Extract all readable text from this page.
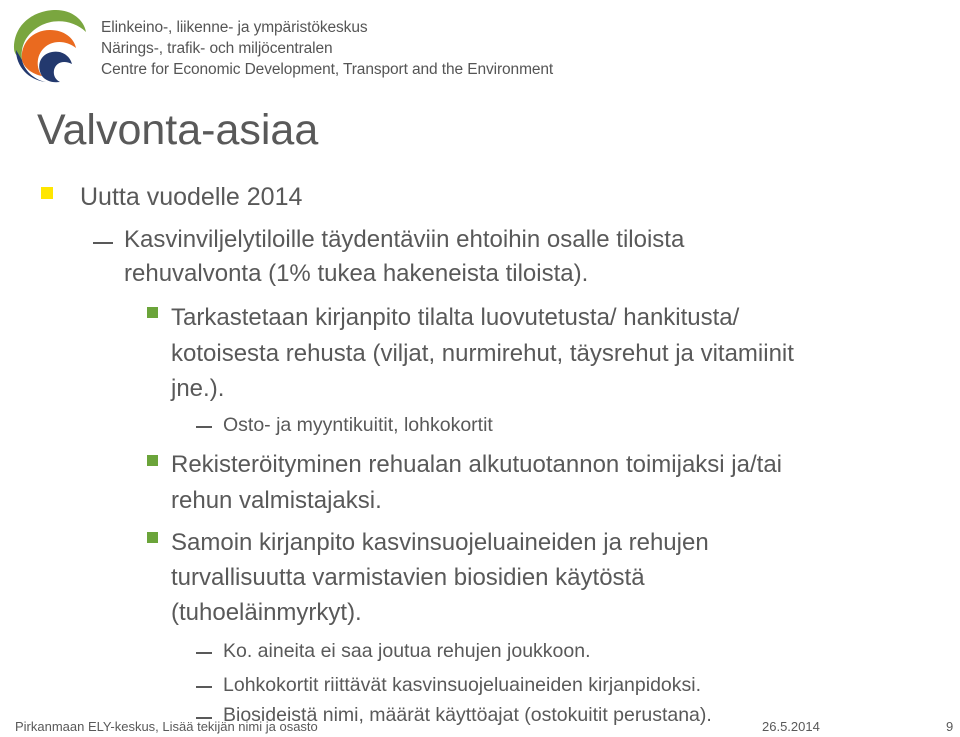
Elinkeino-, liikenne- ja ympäristökeskus
Närings-, trafik- och miljöcentralen
Centre for Economic Development, Transport and the Environment
Valvonta-asiaa
Uutta vuodelle 2014
Kasvinviljelytiloille täydentäviin ehtoihin osalle tiloista
rehuvalvonta (1% tukea hakeneista tiloista).
Tarkastetaan kirjanpito tilalta luovutetusta/ hankitusta/
kotoisesta rehusta (viljat, nurmirehut, täysrehut ja vitamiinit
jne.).
Osto- ja myyntikuitit, lohkokortit
Rekisteröityminen rehualan alkutuotannon toimijaksi ja/tai
rehun valmistajaksi.
Samoin kirjanpito kasvinsuojeluaineiden ja rehujen
turvallisuutta varmistavien biosidien käytöstä
(tuhoeläinmyrkyt).
Ko. aineita ei saa joutua rehujen joukkoon.
Lohkokortit riittävät kasvinsuojeluaineiden kirjanpidoksi.
Biosideistä nimi, määrät käyttöajat (ostokuitit perustana).
Pirkanmaan ELY-keskus, Lisää tekijän nimi ja osasto	26.5.2014	9
